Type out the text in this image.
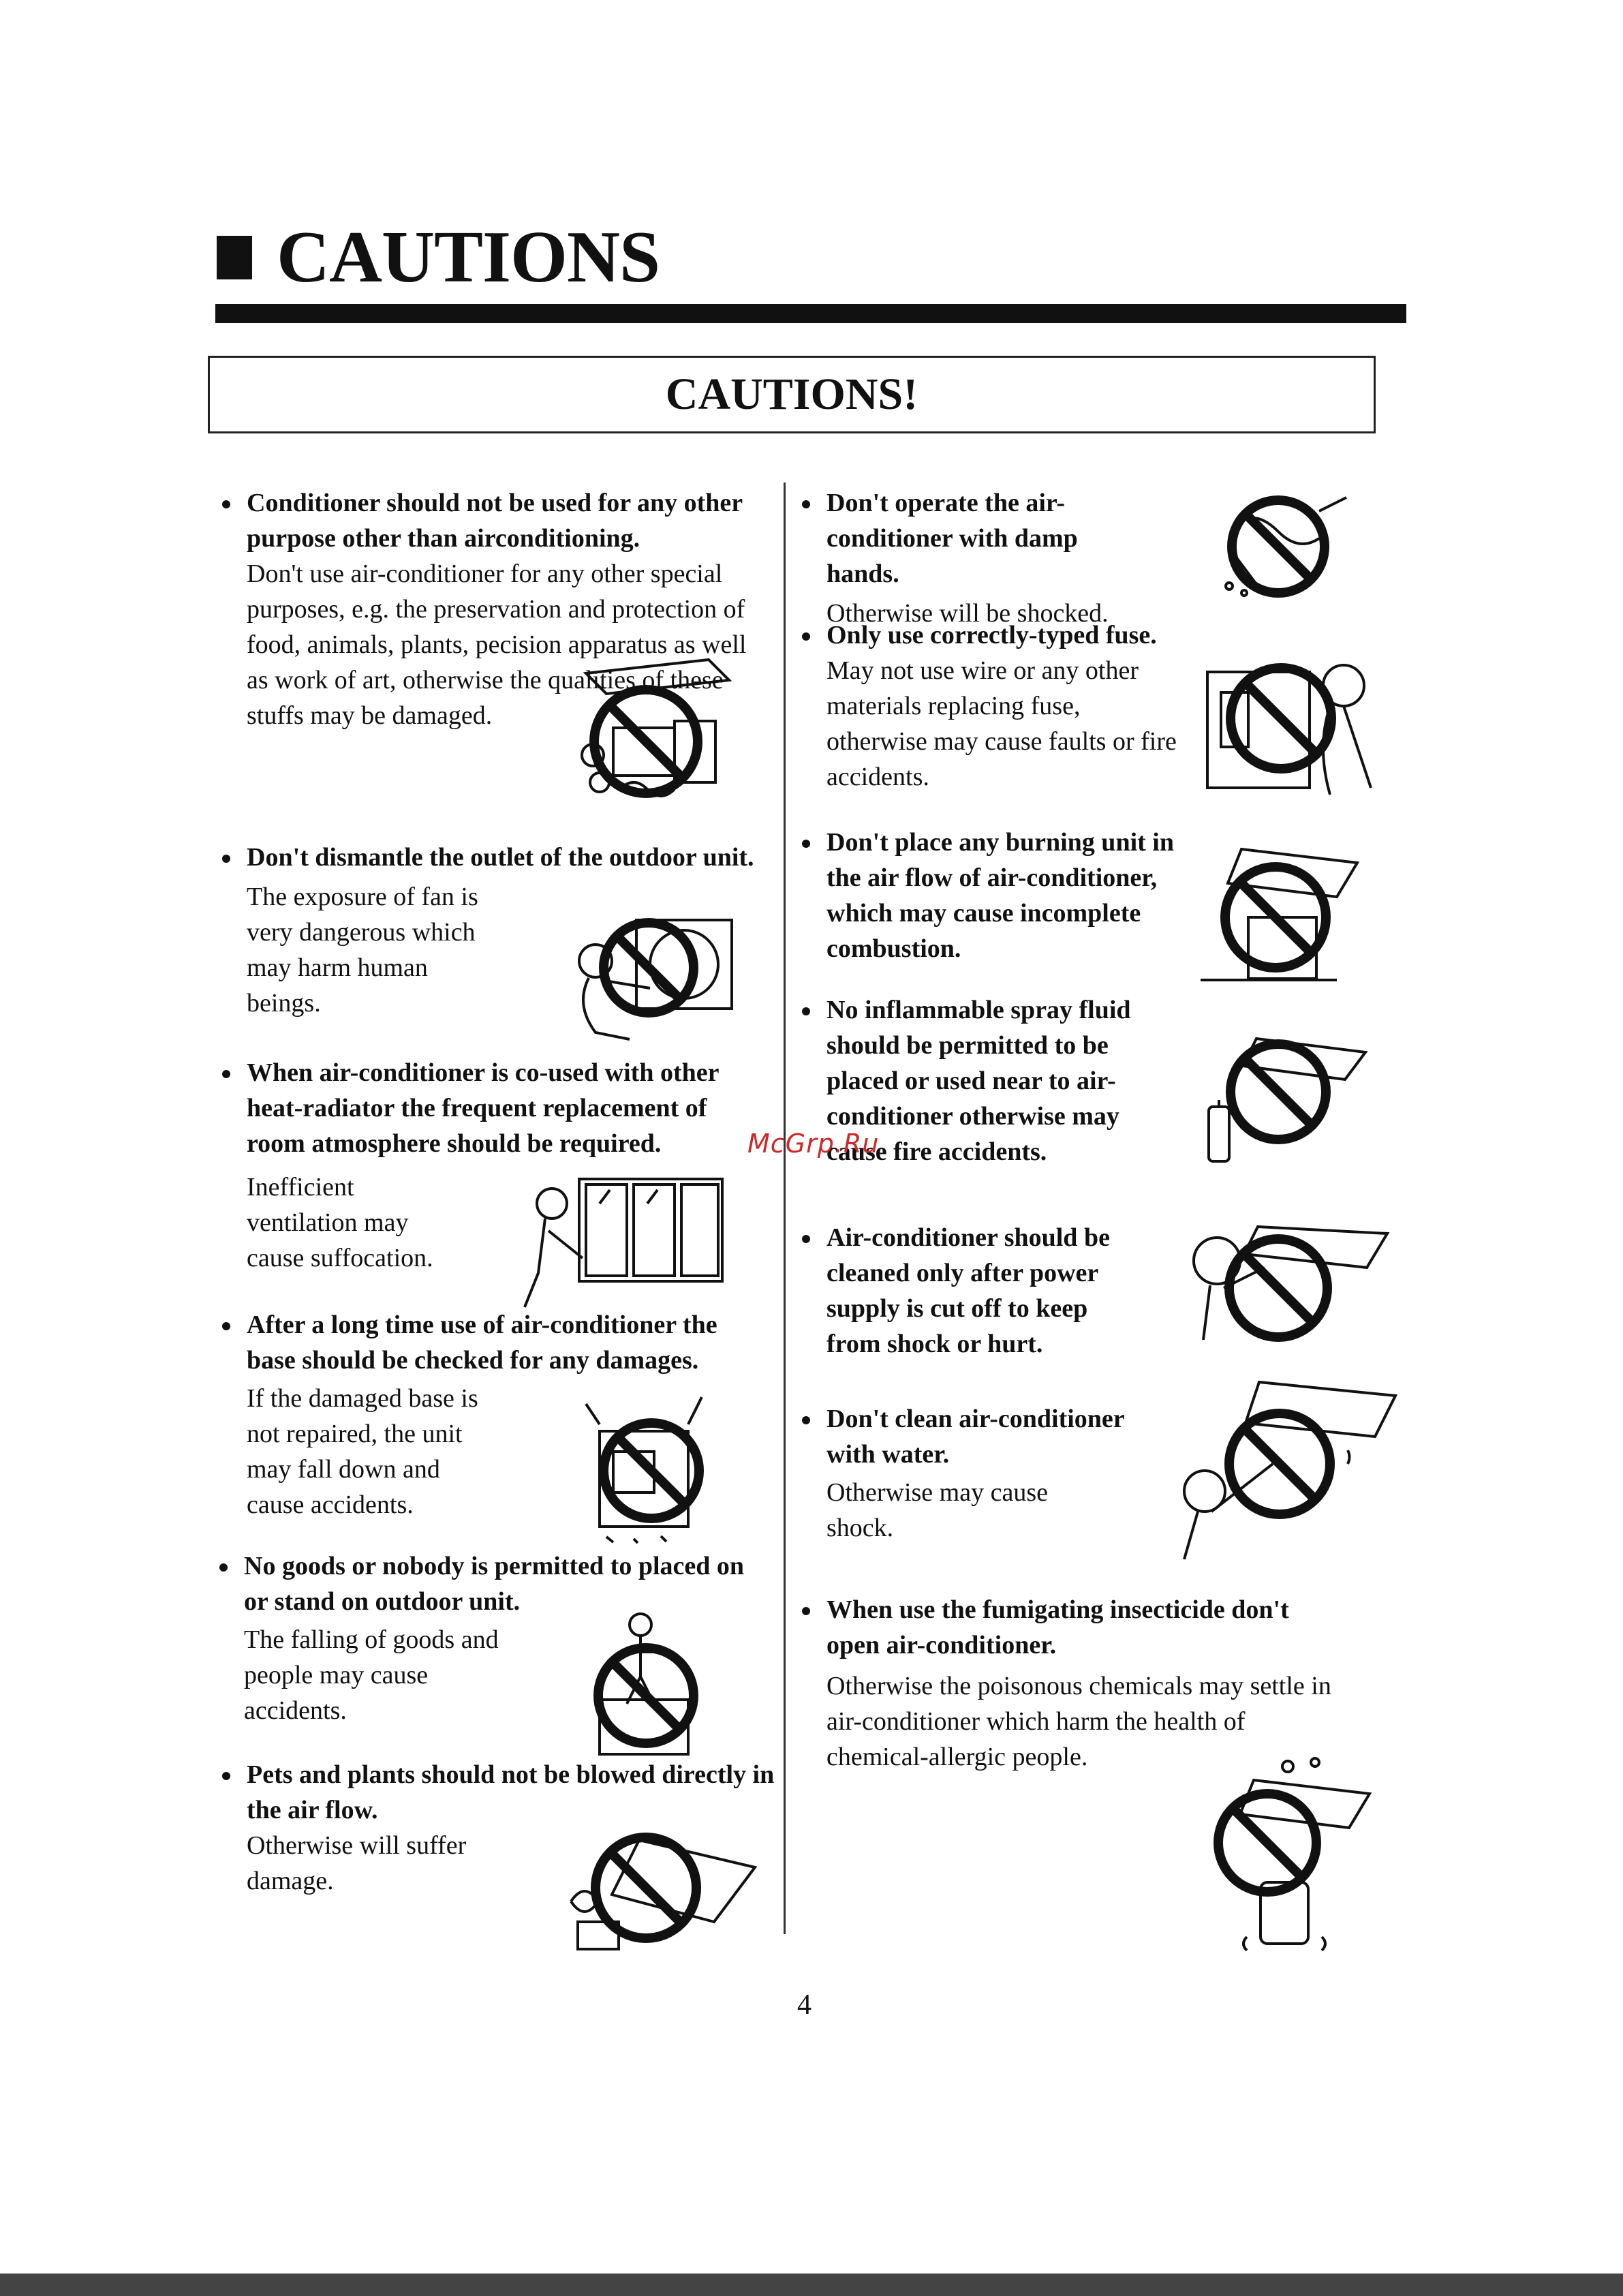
CAUTIONS
CAUTIONS!

Conditioner should not be used for any other purpose other than airconditioning.

Don't use air-conditioner for any other special purposes, e.g. the preservation and protection of food, animals, plants, pecision apparatus as well as work of art, otherwise the qualities of these stuffs may be damaged.

Don't dismantle the outlet of the outdoor unit.

The exposure of fan is very dangerous which may harm human beings.

When air-conditioner is co-used with other heat-radiator the frequent replacement of room atmosphere should be required.

Inefficient ventilation may cause suffocation.

After a long time use of air-conditioner the base should be checked for any damages.

If the damaged base is not repaired, the unit may fall down and cause accidents.

No goods or nobody is permitted to placed on or stand on outdoor unit.

The falling of goods and people may cause accidents.

Pets and plants should not be blowed directly in the air flow.

Otherwise will suffer damage.

Don't operate the air-conditioner with damp hands.

Otherwise will be shocked.

Only use correctly-typed fuse.

May not use wire or any other materials replacing fuse, otherwise may cause faults or fire accidents.

Don't place any burning unit in the air flow of air-conditioner, which may cause incomplete combustion.

No inflammable spray fluid should be permitted to be placed or used near to air-conditioner otherwise may cause fire accidents.

Air-conditioner should be cleaned only after power supply is cut off to keep from shock or hurt.

Don't clean air-conditioner with water.

Otherwise may cause shock.

When use the fumigating insecticide don't open air-conditioner.

Otherwise the poisonous chemicals may settle in air-conditioner which harm the health of chemical-allergic people.

McGrp.Ru
4
